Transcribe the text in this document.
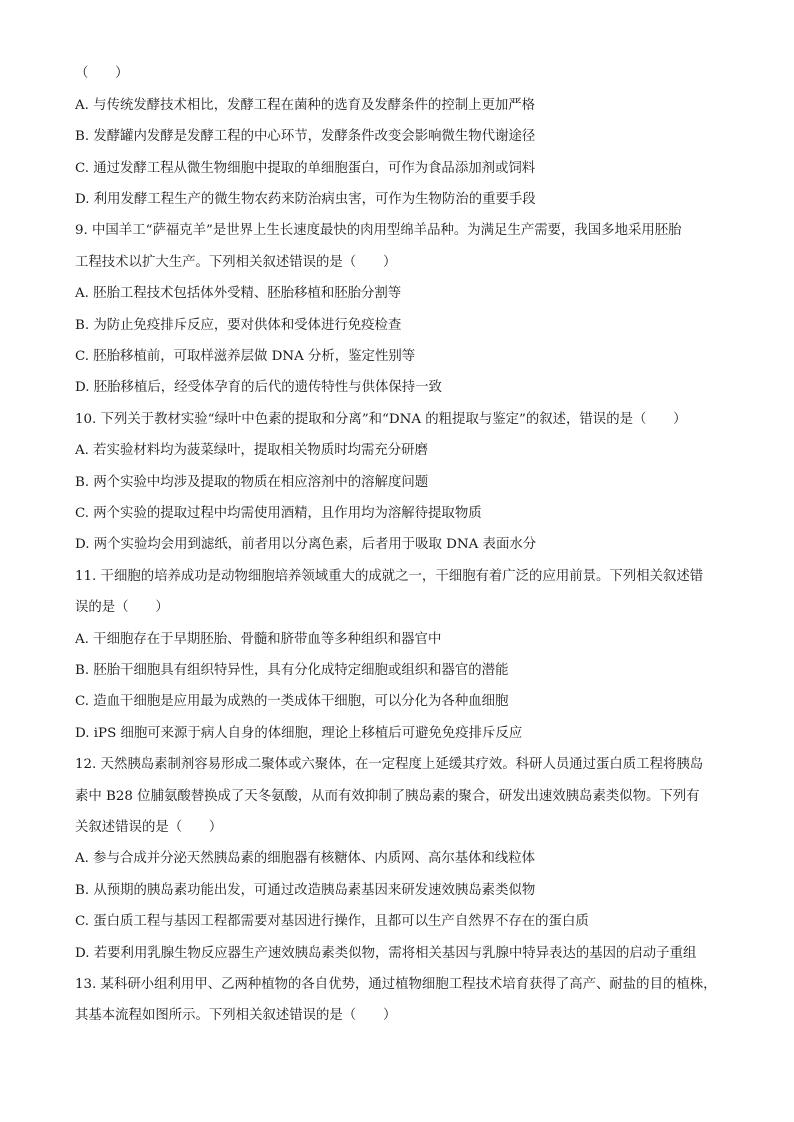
（　　）
A. 与传统发酵技术相比，发酵工程在菌种的选育及发酵条件的控制上更加严格
B. 发酵罐内发酵是发酵工程的中心环节，发酵条件改变会影响微生物代谢途径
C. 通过发酵工程从微生物细胞中提取的单细胞蛋白，可作为食品添加剂或饲料
D. 利用发酵工程生产的微生物农药来防治病虫害，可作为生物防治的重要手段
9. 中国羊工“萨福克羊”是世界上生长速度最快的肉用型绵羊品种。为满足生产需要，我国多地采用胚胎
工程技术以扩大生产。下列相关叙述错误的是（　　）
A. 胚胎工程技术包括体外受精、胚胎移植和胚胎分割等
B. 为防止免疫排斥反应，要对供体和受体进行免疫检查
C. 胚胎移植前，可取样滋养层做 DNA 分析，鉴定性别等
D. 胚胎移植后，经受体孕育的后代的遗传特性与供体保持一致
10. 下列关于教材实验“绿叶中色素的提取和分离”和“DNA 的粗提取与鉴定”的叙述，错误的是（　　）
A. 若实验材料均为菠菜绿叶，提取相关物质时均需充分研磨
B. 两个实验中均涉及提取的物质在相应溶剂中的溶解度问题
C. 两个实验的提取过程中均需使用酒精，且作用均为溶解待提取物质
D. 两个实验均会用到滤纸，前者用以分离色素，后者用于吸取 DNA 表面水分
11. 干细胞的培养成功是动物细胞培养领域重大的成就之一，干细胞有着广泛的应用前景。下列相关叙述错
误的是（　　）
A. 干细胞存在于早期胚胎、骨髓和脐带血等多种组织和器官中
B. 胚胎干细胞具有组织特异性，具有分化成特定细胞或组织和器官的潜能
C. 造血干细胞是应用最为成熟的一类成体干细胞，可以分化为各种血细胞
D. iPS 细胞可来源于病人自身的体细胞，理论上移植后可避免免疫排斥反应
12. 天然胰岛素制剂容易形成二聚体或六聚体，在一定程度上延缓其疗效。科研人员通过蛋白质工程将胰岛
素中 B28 位脯氨酸替换成了天冬氨酸，从而有效抑制了胰岛素的聚合，研发出速效胰岛素类似物。下列有
关叙述错误的是（　　）
A. 参与合成并分泌天然胰岛素的细胞器有核糖体、内质网、高尔基体和线粒体
B. 从预期的胰岛素功能出发，可通过改造胰岛素基因来研发速效胰岛素类似物
C. 蛋白质工程与基因工程都需要对基因进行操作，且都可以生产自然界不存在的蛋白质
D. 若要利用乳腺生物反应器生产速效胰岛素类似物，需将相关基因与乳腺中特异表达的基因的启动子重组
13. 某科研小组利用甲、乙两种植物的各自优势，通过植物细胞工程技术培育获得了高产、耐盐的目的植株，
其基本流程如图所示。下列相关叙述错误的是（　　）
